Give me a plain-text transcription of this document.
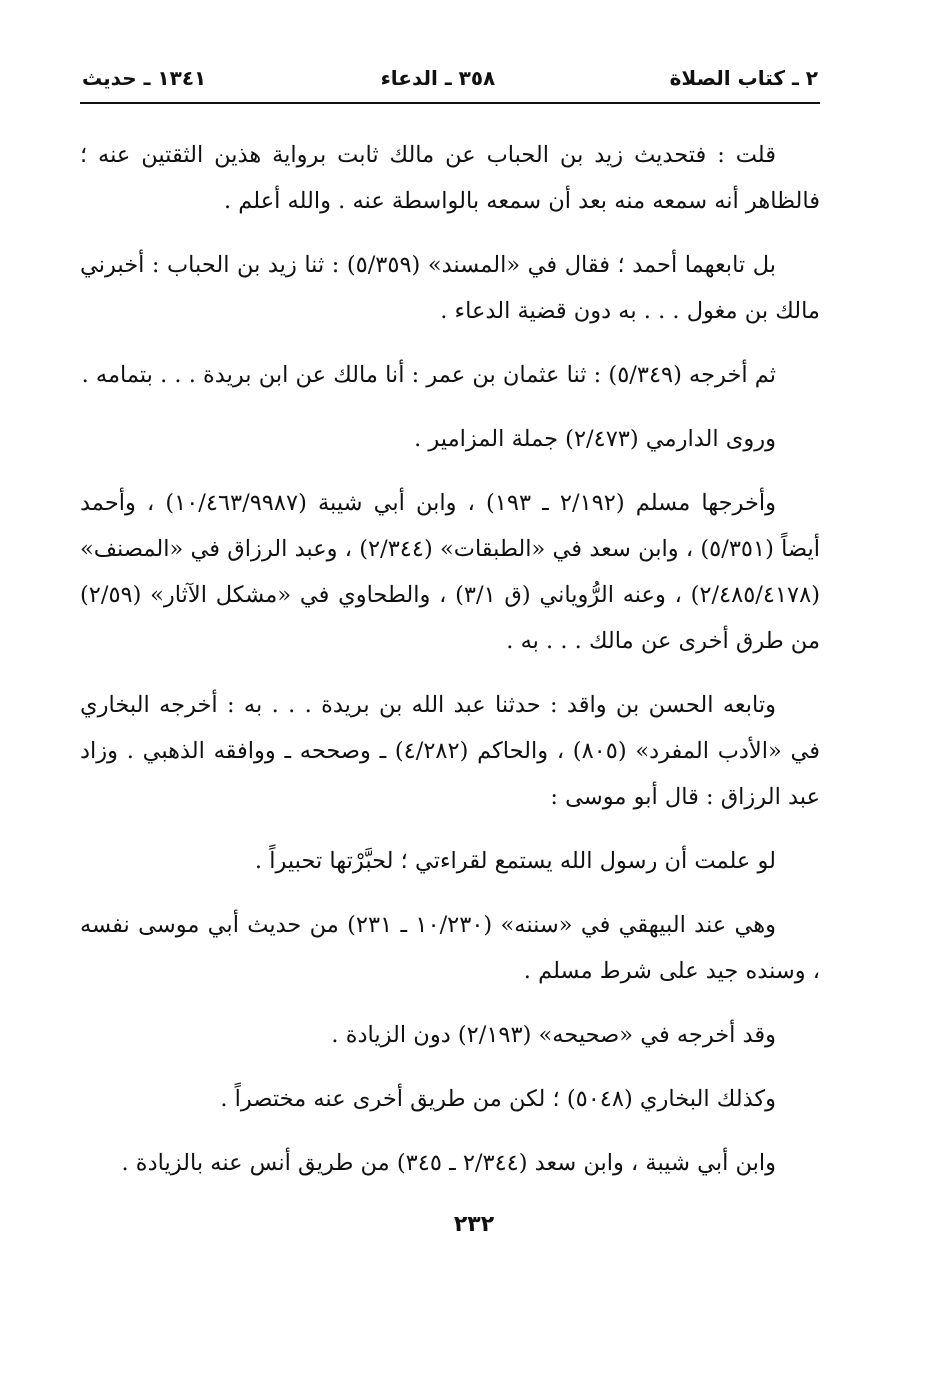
٢ ـ كتاب الصلاة
٣٥٨ ـ الدعاء
١٣٤١ ـ حديث

قلت : فتحديث زيد بن الحباب عن مالك ثابت برواية هذين الثقتين عنه ؛ فالظاهر أنه سمعه منه بعد أن سمعه بالواسطة عنه . والله أعلم .

بل تابعهما أحمد ؛ فقال في «المسند» (٥/٣٥٩) : ثنا زيد بن الحباب : أخبرني مالك بن مغول . . . به دون قضية الدعاء .

ثم أخرجه (٥/٣٤٩) : ثنا عثمان بن عمر : أنا مالك عن ابن بريدة . . . بتمامه .

وروى الدارمي (٢/٤٧٣) جملة المزامير .

وأخرجها مسلم (٢/١٩٢ ـ ١٩٣) ، وابن أبي شيبة (١٠/٤٦٣/٩٩٨٧) ، وأحمد أيضاً (٥/٣٥١) ، وابن سعد في «الطبقات» (٢/٣٤٤) ، وعبد الرزاق في «المصنف» (٢/٤٨٥/٤١٧٨) ، وعنه الرُّوياني (ق ٣/١) ، والطحاوي في «مشكل الآثار» (٢/٥٩) من طرق أخرى عن مالك . . . به .

وتابعه الحسن بن واقد : حدثنا عبد الله بن بريدة . . . به : أخرجه البخاري في «الأدب المفرد» (٨٠٥) ، والحاكم (٤/٢٨٢) ـ وصححه ـ ووافقه الذهبي . وزاد عبد الرزاق : قال أبو موسى :

لو علمت أن رسول الله يستمع لقراءتي ؛ لحبَّرْتها تحبيراً .

وهي عند البيهقي في «سننه» (١٠/٢٣٠ ـ ٢٣١) من حديث أبي موسى نفسه ، وسنده جيد على شرط مسلم .

وقد أخرجه في «صحيحه» (٢/١٩٣) دون الزيادة .

وكذلك البخاري (٥٠٤٨) ؛ لكن من طريق أخرى عنه مختصراً .

وابن أبي شيبة ، وابن سعد (٢/٣٤٤ ـ ٣٤٥) من طريق أنس عنه بالزيادة .

٢٣٢
